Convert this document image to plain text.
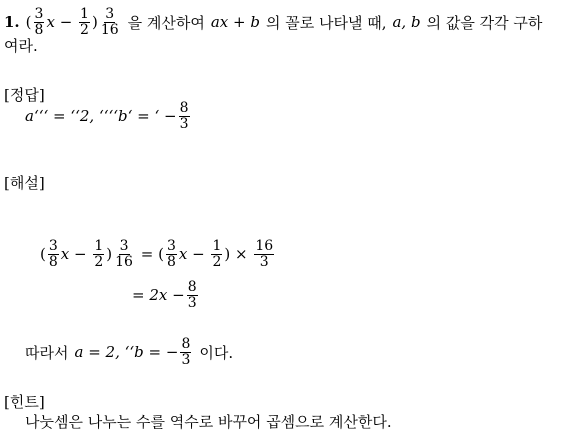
1. ( $\frac{3}{8}$ $x - \frac{1}{2}$ ) $\frac{3}{16}$ 을 계산하여 ax + b 의 꼴로 나타낼 때, a, b 의 값을 각각 구하
여라.
[정답]
a‘‘‘ = ‘‘2, ‘‘‘‘b‘ = ‘ − $\frac{8}{3}$
[해설]
( $\frac{3}{8}$ $x - \frac{1}{2}$ ) $\frac{3}{16}$ = ( $\frac{3}{8}$ $x - \frac{1}{2}$ ) × $\frac{16}{3}$
= $2x - \frac{8}{3}$
따라서 a = 2, ‘‘b = − $\frac{8}{3}$ 이다.
[힌트]
나눗셈은 나누는 수를 역수로 바꾸어 곱셈으로 계산한다.
